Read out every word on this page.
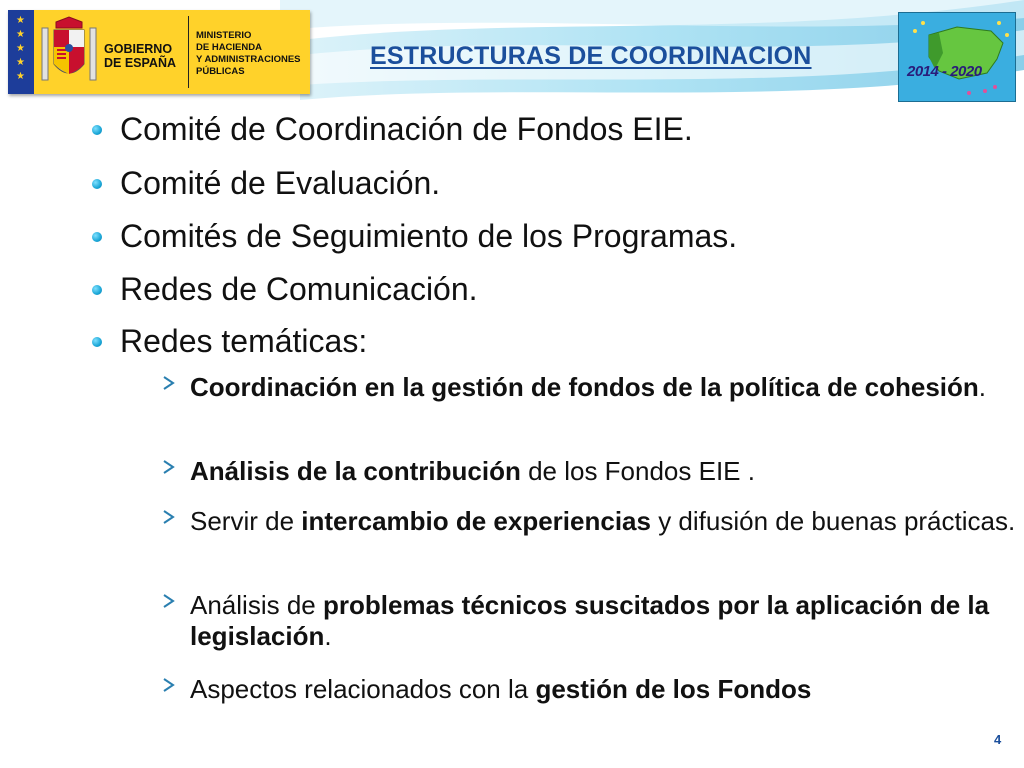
★
★
★
★
★
GOBIERNO
DE ESPAÑA
MINISTERIO
DE HACIENDA
Y ADMINISTRACIONES
PÚBLICAS
ESTRUCTURAS DE COORDINACION
2014 - 2020
Comité de Coordinación de Fondos EIE.
Comité de Evaluación.
Comités de Seguimiento de los Programas.
Redes de Comunicación.
Redes temáticas:
Coordinación en la gestión de fondos de la política de cohesión.
Análisis de la contribución de los Fondos EIE .
Servir de intercambio de experiencias y difusión de buenas prácticas.
Análisis de problemas técnicos suscitados por la aplicación de la legislación.
Aspectos relacionados con la gestión de los Fondos
4
